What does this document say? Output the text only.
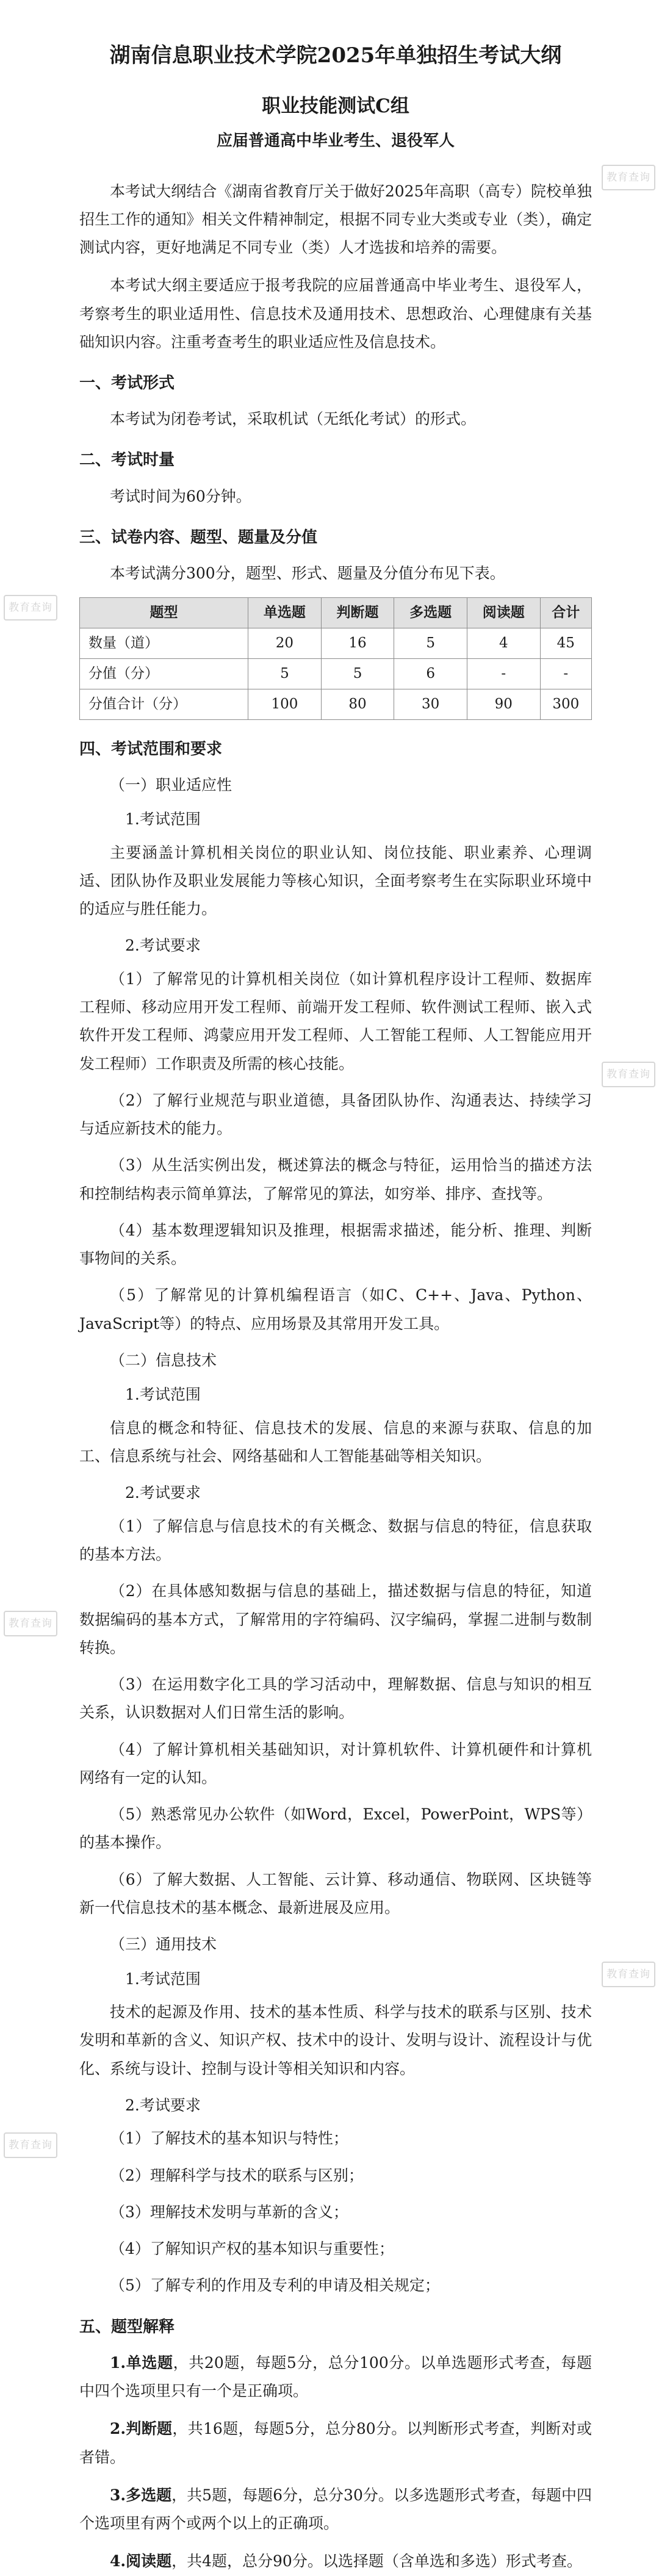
湖南信息职业技术学院2025年单独招生考试大纲
职业技能测试C组
应届普通高中毕业考生、退役军人

本考试大纲结合《湖南省教育厅关于做好2025年高职（高专）院校单独招生工作的通知》相关文件精神制定，根据不同专业大类或专业（类），确定测试内容，更好地满足不同专业（类）人才选拔和培养的需要。

本考试大纲主要适应于报考我院的应届普通高中毕业考生、退役军人，考察考生的职业适用性、信息技术及通用技术、思想政治、心理健康有关基础知识内容。注重考查考生的职业适应性及信息技术。

一、考试形式

本考试为闭卷考试，采取机试（无纸化考试）的形式。

二、考试时量

考试时间为60分钟。

三、试卷内容、题型、题量及分值

本考试满分300分，题型、形式、题量及分值分布见下表。

题型	单选题	判断题	多选题	阅读题	合计
数量（道）	20	16	5	4	45
分值（分）	5	5	6	-	-
分值合计（分）	100	80	30	90	300
四、考试范围和要求
（一）职业适应性
1.考试范围

主要涵盖计算机相关岗位的职业认知、岗位技能、职业素养、心理调适、团队协作及职业发展能力等核心知识，全面考察考生在实际职业环境中的适应与胜任能力。

2.考试要求

（1）了解常见的计算机相关岗位（如计算机程序设计工程师、数据库工程师、移动应用开发工程师、前端开发工程师、软件测试工程师、嵌入式软件开发工程师、鸿蒙应用开发工程师、人工智能工程师、人工智能应用开发工程师）工作职责及所需的核心技能。

（2）了解行业规范与职业道德，具备团队协作、沟通表达、持续学习与适应新技术的能力。

（3）从生活实例出发，概述算法的概念与特征，运用恰当的描述方法和控制结构表示简单算法，了解常见的算法，如穷举、排序、查找等。

（4）基本数理逻辑知识及推理，根据需求描述，能分析、推理、判断事物间的关系。

（5）了解常见的计算机编程语言（如C、C++、Java、Python、JavaScript等）的特点、应用场景及其常用开发工具。

（二）信息技术
1.考试范围

信息的概念和特征、信息技术的发展、信息的来源与获取、信息的加工、信息系统与社会、网络基础和人工智能基础等相关知识。

2.考试要求

（1）了解信息与信息技术的有关概念、数据与信息的特征，信息获取的基本方法。

（2）在具体感知数据与信息的基础上，描述数据与信息的特征，知道数据编码的基本方式，了解常用的字符编码、汉字编码，掌握二进制与数制转换。

（3）在运用数字化工具的学习活动中，理解数据、信息与知识的相互关系，认识数据对人们日常生活的影响。

（4）了解计算机相关基础知识，对计算机软件、计算机硬件和计算机网络有一定的认知。

（5）熟悉常见办公软件（如Word，Excel，PowerPoint，WPS等）的基本操作。

（6）了解大数据、人工智能、云计算、移动通信、物联网、区块链等新一代信息技术的基本概念、最新进展及应用。

（三）通用技术
1.考试范围

技术的起源及作用、技术的基本性质、科学与技术的联系与区别、技术发明和革新的含义、知识产权、技术中的设计、发明与设计、流程设计与优化、系统与设计、控制与设计等相关知识和内容。

2.考试要求

（1）了解技术的基本知识与特性；

（2）理解科学与技术的联系与区别；

（3）理解技术发明与革新的含义；

（4）了解知识产权的基本知识与重要性；

（5）了解专利的作用及专利的申请及相关规定；

五、题型解释

1.单选题，共20题，每题5分，总分100分。以单选题形式考查，每题中四个选项里只有一个是正确项。

2.判断题，共16题，每题5分，总分80分。以判断形式考查，判断对或者错。

3.多选题，共5题，每题6分，总分30分。以多选题形式考查，每题中四个选项里有两个或两个以上的正确项。

4.阅读题，共4题，总分90分。以选择题（含单选和多选）形式考查。

教育查询
教育查询
教育查询
教育查询
教育查询
教育查询
